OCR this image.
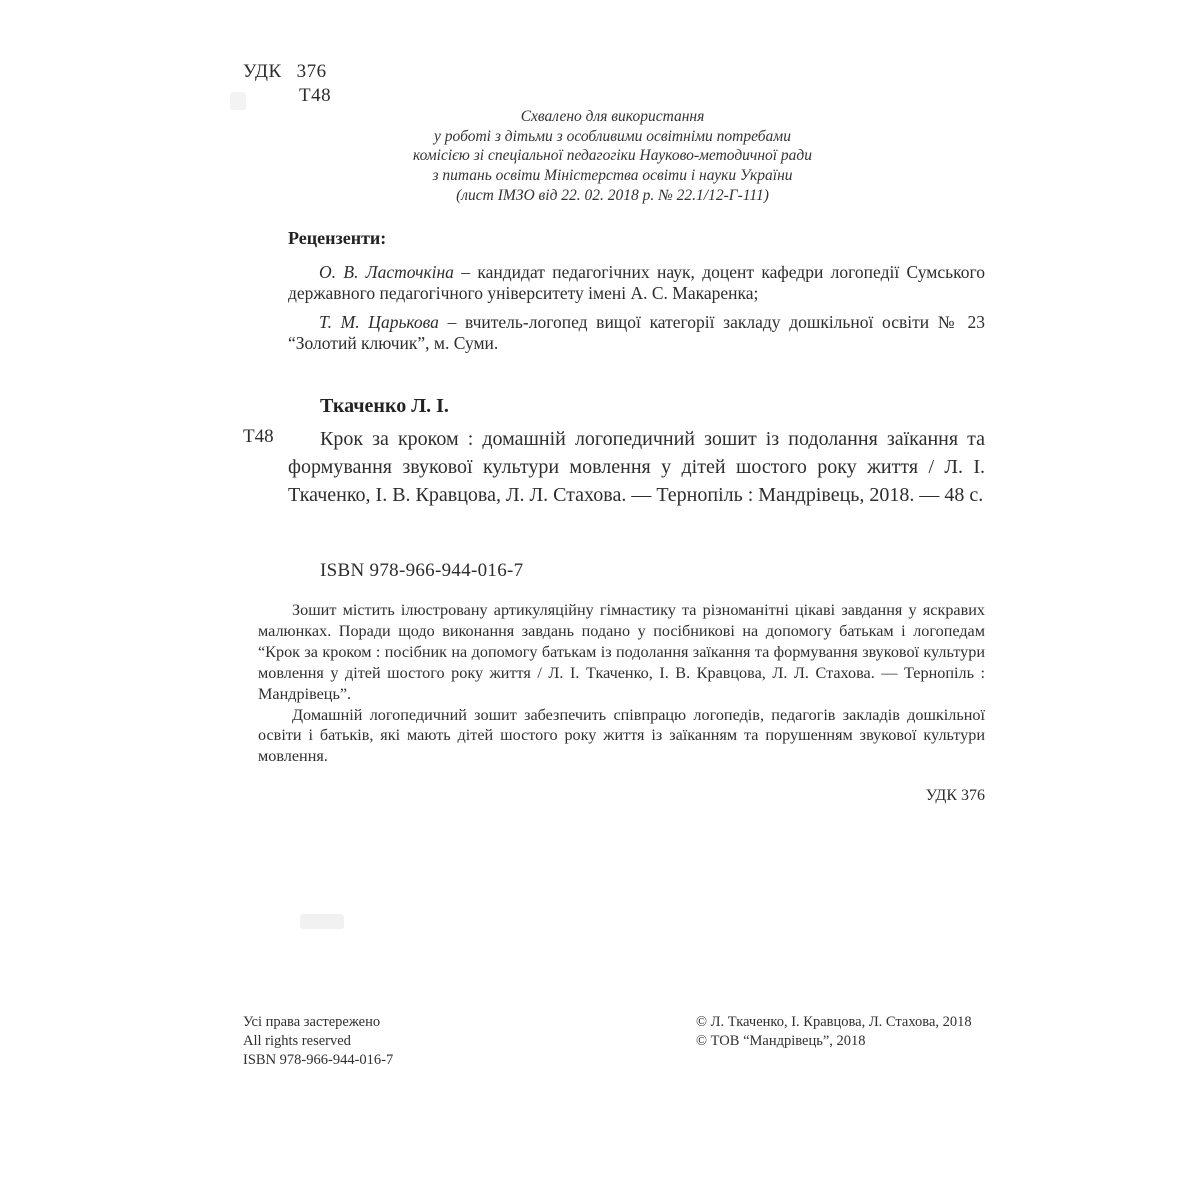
УДК 376
Т48
Схвалено для використання
у роботі з дітьми з особливими освітніми потребами
комісією зі спеціальної педагогіки Науково-методичної ради
з питань освіти Міністерства освіти і науки України
(лист ІМЗО від 22. 02. 2018 р. № 22.1/12-Г-111)
Рецензенти:

О. В. Ласточкіна – кандидат педагогічних наук, доцент кафедри логопедії Сумського державного педагогічного університету імені А. С. Макаренка;

Т. М. Царькова – вчитель-логопед вищої категорії закладу дошкільної освіти № 23 “Золотий ключик”, м. Суми.

Ткаченко Л. І.
Т48	Крок за кроком : домашній логопедичний зошит із подолання заїкання та формування звукової культури мовлення у дітей шостого року життя / Л. І. Ткаченко, І. В. Кравцова, Л. Л. Стахова. — Тернопіль : Мандрівець, 2018. — 48 с.

ISBN 978-966-944-016-7

Зошит містить ілюстровану артикуляційну гімнастику та різноманітні цікаві завдання у яскравих малюнках. Поради щодо виконання завдань подано у посібникові на допомогу батькам і логопедам “Крок за кроком : посібник на допомогу батькам із подолання заїкання та формування звукової культури мовлення у дітей шостого року життя / Л. І. Ткаченко, І. В. Кравцова, Л. Л. Стахова. — Тернопіль : Мандрівець”.

Домашній логопедичний зошит забезпечить співпрацю логопедів, педагогів закладів дошкільної освіти і батьків, які мають дітей шостого року життя із заїканням та порушенням звукової культури мовлення.

УДК 376
Усі права застережено
All rights reserved
ISBN 978-966-944-016-7
© Л. Ткаченко, І. Кравцова, Л. Стахова, 2018
© ТОВ “Мандрівець”, 2018
